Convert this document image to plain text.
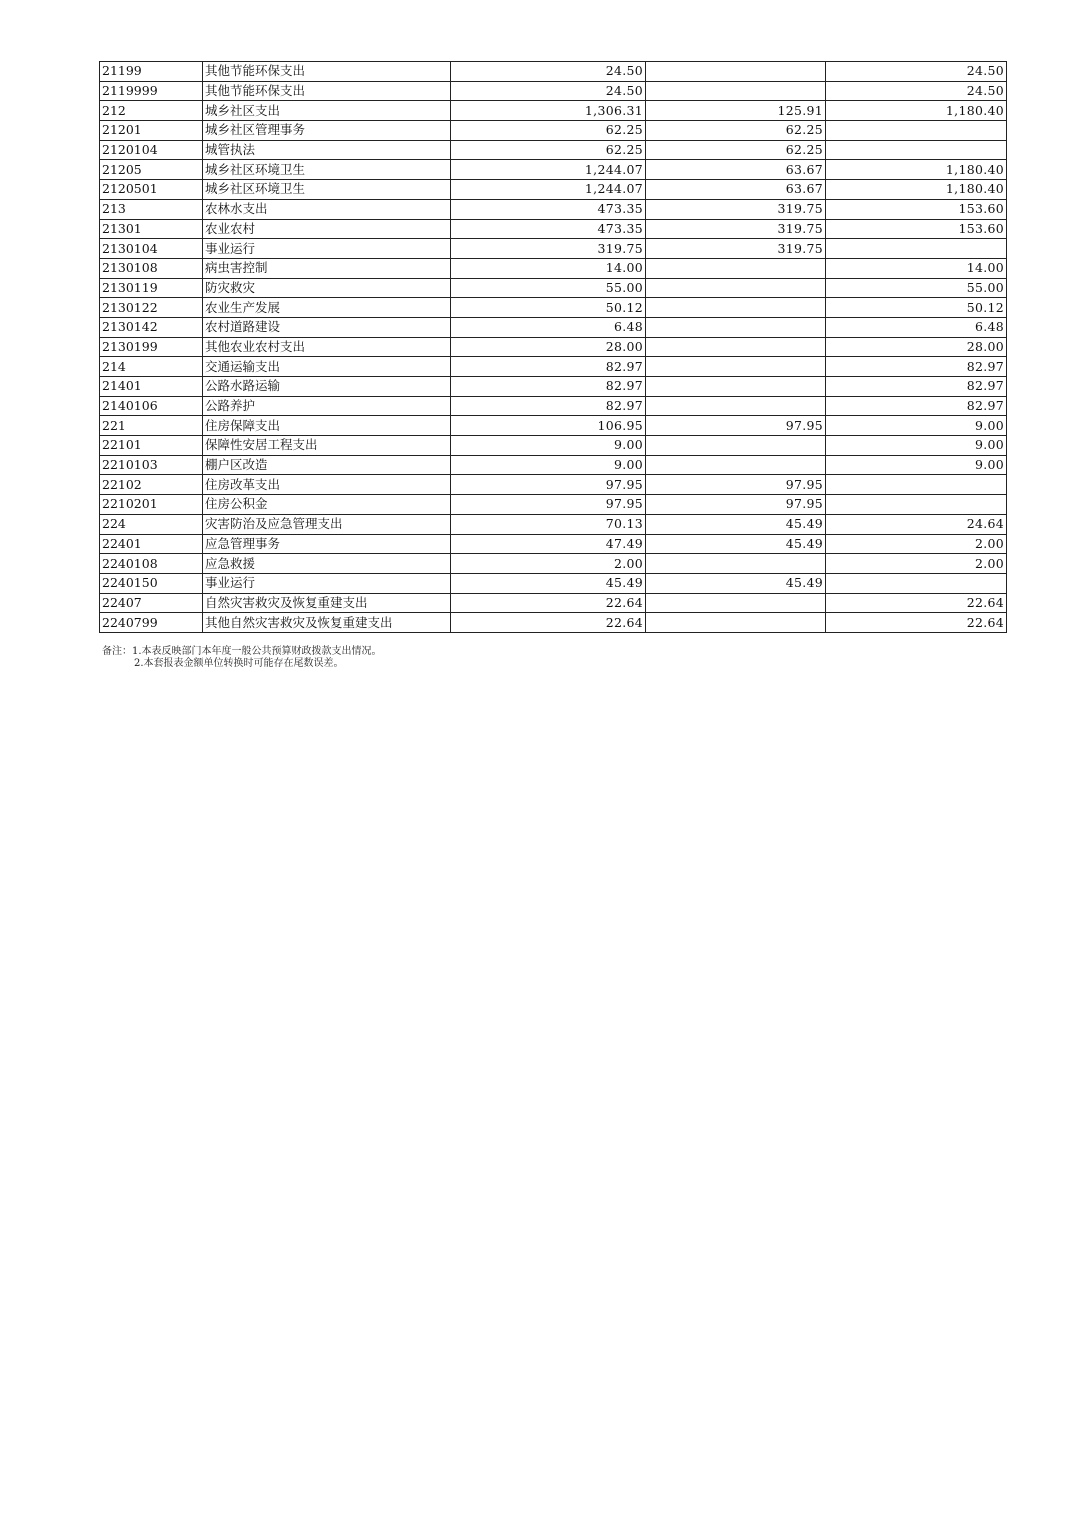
21199	其他节能环保支出	24.50		24.50
2119999	其他节能环保支出	24.50		24.50
212	城乡社区支出	1,306.31	125.91	1,180.40
21201	城乡社区管理事务	62.25	62.25	
2120104	城管执法	62.25	62.25	
21205	城乡社区环境卫生	1,244.07	63.67	1,180.40
2120501	城乡社区环境卫生	1,244.07	63.67	1,180.40
213	农林水支出	473.35	319.75	153.60
21301	农业农村	473.35	319.75	153.60
2130104	事业运行	319.75	319.75	
2130108	病虫害控制	14.00		14.00
2130119	防灾救灾	55.00		55.00
2130122	农业生产发展	50.12		50.12
2130142	农村道路建设	6.48		6.48
2130199	其他农业农村支出	28.00		28.00
214	交通运输支出	82.97		82.97
21401	公路水路运输	82.97		82.97
2140106	公路养护	82.97		82.97
221	住房保障支出	106.95	97.95	9.00
22101	保障性安居工程支出	9.00		9.00
2210103	棚户区改造	9.00		9.00
22102	住房改革支出	97.95	97.95	
2210201	住房公积金	97.95	97.95	
224	灾害防治及应急管理支出	70.13	45.49	24.64
22401	应急管理事务	47.49	45.49	2.00
2240108	应急救援	2.00		2.00
2240150	事业运行	45.49	45.49	
22407	自然灾害救灾及恢复重建支出	22.64		22.64
2240799	其他自然灾害救灾及恢复重建支出	22.64		22.64
备注：1.本表反映部门本年度一般公共预算财政拨款支出情况。
2.本套报表金额单位转换时可能存在尾数误差。
